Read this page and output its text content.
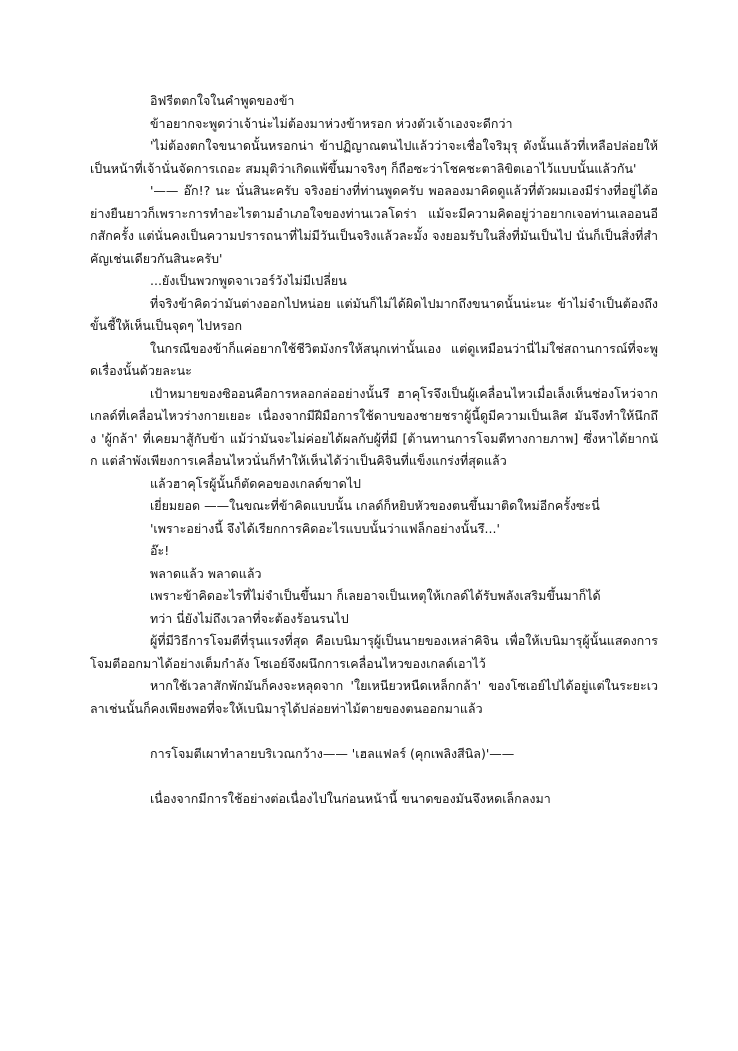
อิฟรีตตกใจในคำพูดของข้า

ข้าอยากจะพูดว่าเจ้าน่ะไม่ต้องมาห่วงข้าหรอก ห่วงตัวเจ้าเองจะดีกว่า

'ไม่ต้องตกใจขนาดนั้นหรอกน่า ข้าปฏิญาณตนไปแล้วว่าจะเชื่อใจริมุรุ ดังนั้นแล้วที่เหลือปล่อยให้เป็นหน้าที่เจ้านั่นจัดการเถอะ สมมุติว่าเกิดแพ้ขึ้นมาจริงๆ ก็ถือซะว่าโชคชะตาลิขิตเอาไว้แบบนั้นแล้วกัน'

'—— อ๊ก!? นะ นั่นสินะครับ จริงอย่างที่ท่านพูดครับ พอลองมาคิดดูแล้วที่ตัวผมเองมีร่างที่อยู่ได้อย่างยืนยาวก็เพราะการทำอะไรตามอำเภอใจของท่านเวลโดร่า แม้จะมีความคิดอยู่ว่าอยากเจอท่านเลออนอีกสักครั้ง แต่นั่นคงเป็นความปรารถนาที่ไม่มีวันเป็นจริงแล้วละมั้ง จงยอมรับในสิ่งที่มันเป็นไป นั่นก็เป็นสิ่งที่สำคัญเช่นเดียวกันสินะครับ'

...ยังเป็นพวกพูดจาเวอร์วังไม่มีเปลี่ยน

ที่จริงข้าคิดว่ามันต่างออกไปหน่อย แต่มันก็ไม่ได้ผิดไปมากถึงขนาดนั้นน่ะนะ ข้าไม่จำเป็นต้องถึงขั้นชี้ให้เห็นเป็นจุดๆ ไปหรอก

ในกรณีของข้าก็แค่อยากใช้ชีวิตมังกรให้สนุกเท่านั้นเอง แต่ดูเหมือนว่านี่ไม่ใช่สถานการณ์ที่จะพูดเรื่องนั้นด้วยละนะ

เป้าหมายของซิออนคือการหลอกล่ออย่างนั้นรึ ฮาคุโรจึงเป็นผู้เคลื่อนไหวเมื่อเล็งเห็นช่องโหว่จากเกลด์ที่เคลื่อนไหวร่างกายเยอะ เนื่องจากมีฝีมือการใช้ดาบของชายชราผู้นี้ดูมีความเป็นเลิศ มันจึงทำให้นึกถึง 'ผู้กล้า' ที่เคยมาสู้กับข้า แม้ว่ามันจะไม่ค่อยได้ผลกับผู้ที่มี [ต้านทานการโจมตีทางกายภาพ] ซึ่งหาได้ยากนัก แต่ลำพังเพียงการเคลื่อนไหวนั่นก็ทำให้เห็นได้ว่าเป็นคิจินที่แข็งแกร่งที่สุดแล้ว

แล้วฮาคุโรผู้นั้นก็ตัดคอของเกลด์ขาดไป

เยี่ยมยอด ——ในขณะที่ข้าคิดแบบนั้น เกลด์ก็หยิบหัวของตนขึ้นมาติดใหม่อีกครั้งซะนี่

'เพราะอย่างนี้ จึงได้เรียกการคิดอะไรแบบนั้นว่าแฟล็กอย่างนั้นรึ...'

อ๊ะ!

พลาดแล้ว พลาดแล้ว

เพราะข้าคิดอะไรที่ไม่จำเป็นขึ้นมา ก็เลยอาจเป็นเหตุให้เกลด์ได้รับพลังเสริมขึ้นมาก็ได้

ทว่า นี่ยังไม่ถึงเวลาที่จะต้องร้อนรนไป

ผู้ที่มีวิธีการโจมตีที่รุนแรงที่สุด คือเบนิมารุผู้เป็นนายของเหล่าคิจิน เพื่อให้เบนิมารุผู้นั้นแสดงการโจมตีออกมาได้อย่างเต็มกำลัง โซเอย์จึงผนึกการเคลื่อนไหวของเกลด์เอาไว้

หากใช้เวลาสักพักมันก็คงจะหลุดจาก 'ใยเหนียวหนืดเหล็กกล้า' ของโซเอย์ไปได้อยู่แต่ในระยะเวลาเช่นนั้นก็คงเพียงพอที่จะให้เบนิมารุได้ปล่อยท่าไม้ตายของตนออกมาแล้ว

การโจมตีเผาทำลายบริเวณกว้าง—— 'เฮลแฟลร์ (คุกเพลิงสีนิล)'——

เนื่องจากมีการใช้อย่างต่อเนื่องไปในก่อนหน้านี้ ขนาดของมันจึงหดเล็กลงมา
